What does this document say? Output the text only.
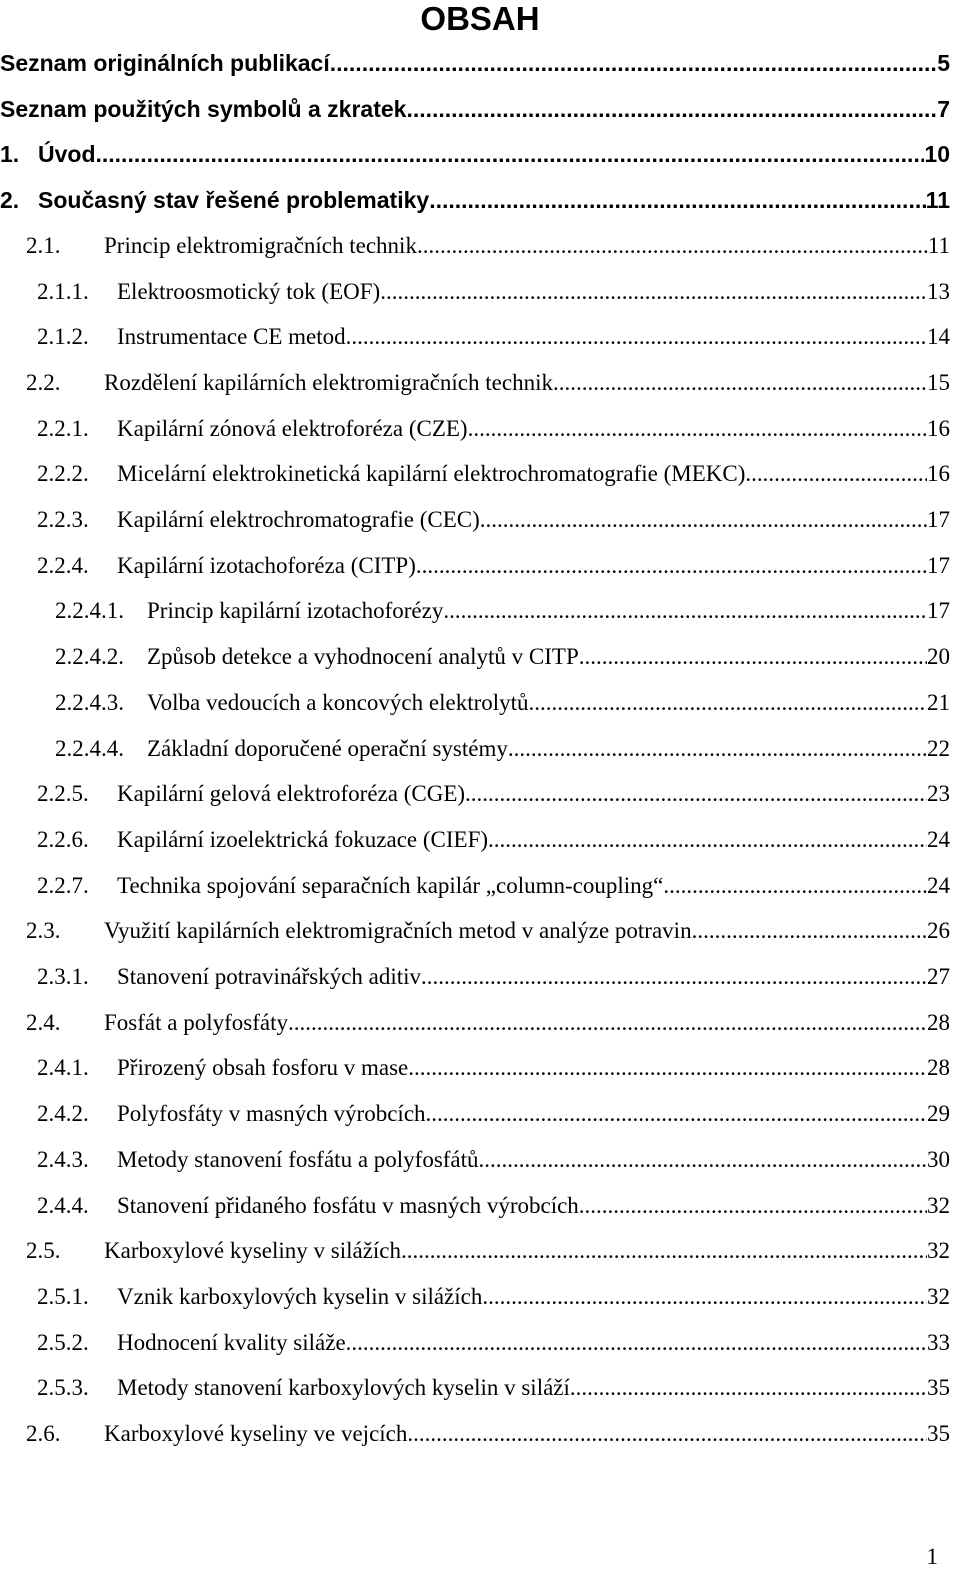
OBSAH
Seznam originálních publikací .....	5
Seznam použitých symbolů a zkratek .....	7
1. Úvod .....	10
2. Současný stav řešené problematiky .....	11
2.1.	Princip elektromigračních technik .....	11
2.1.1.	Elektroosmotický tok (EOF) .....	13
2.1.2.	Instrumentace CE metod .....	14
2.2.	Rozdělení kapilárních elektromigračních technik .....	15
2.2.1.	Kapilární zónová elektroforéza (CZE) .....	16
2.2.2.	Micelární elektrokinetická kapilární elektrochromatografie (MEKC) .....	16
2.2.3.	Kapilární elektrochromatografie (CEC) .....	17
2.2.4.	Kapilární izotachoforéza (CITP) .....	17
2.2.4.1.	Princip kapilární izotachoforézy .....	17
2.2.4.2.	Způsob detekce a vyhodnocení analytů v CITP .....	20
2.2.4.3.	Volba vedoucích a koncových elektrolytů .....	21
2.2.4.4.	Základní doporučené operační systémy .....	22
2.2.5.	Kapilární gelová elektroforéza (CGE) .....	23
2.2.6.	Kapilární izoelektrická fokuzace (CIEF) .....	24
2.2.7.	Technika spojování separačních kapilár „column-coupling“ .....	24
2.3.	Využití kapilárních elektromigračních metod v analýze potravin .....	26
2.3.1.	Stanovení potravinářských aditiv .....	27
2.4.	Fosfát a polyfosfáty .....	28
2.4.1.	Přirozený obsah fosforu v mase .....	28
2.4.2.	Polyfosfáty v masných výrobcích .....	29
2.4.3.	Metody stanovení fosfátu a polyfosfátů .....	30
2.4.4.	Stanovení přidaného fosfátu v masných výrobcích .....	32
2.5.	Karboxylové kyseliny v silážích .....	32
2.5.1.	Vznik karboxylových kyselin v silážích .....	32
2.5.2.	Hodnocení kvality siláže .....	33
2.5.3.	Metody stanovení karboxylových kyselin v siláží .....	35
2.6.	Karboxylové kyseliny ve vejcích .....	35
1
